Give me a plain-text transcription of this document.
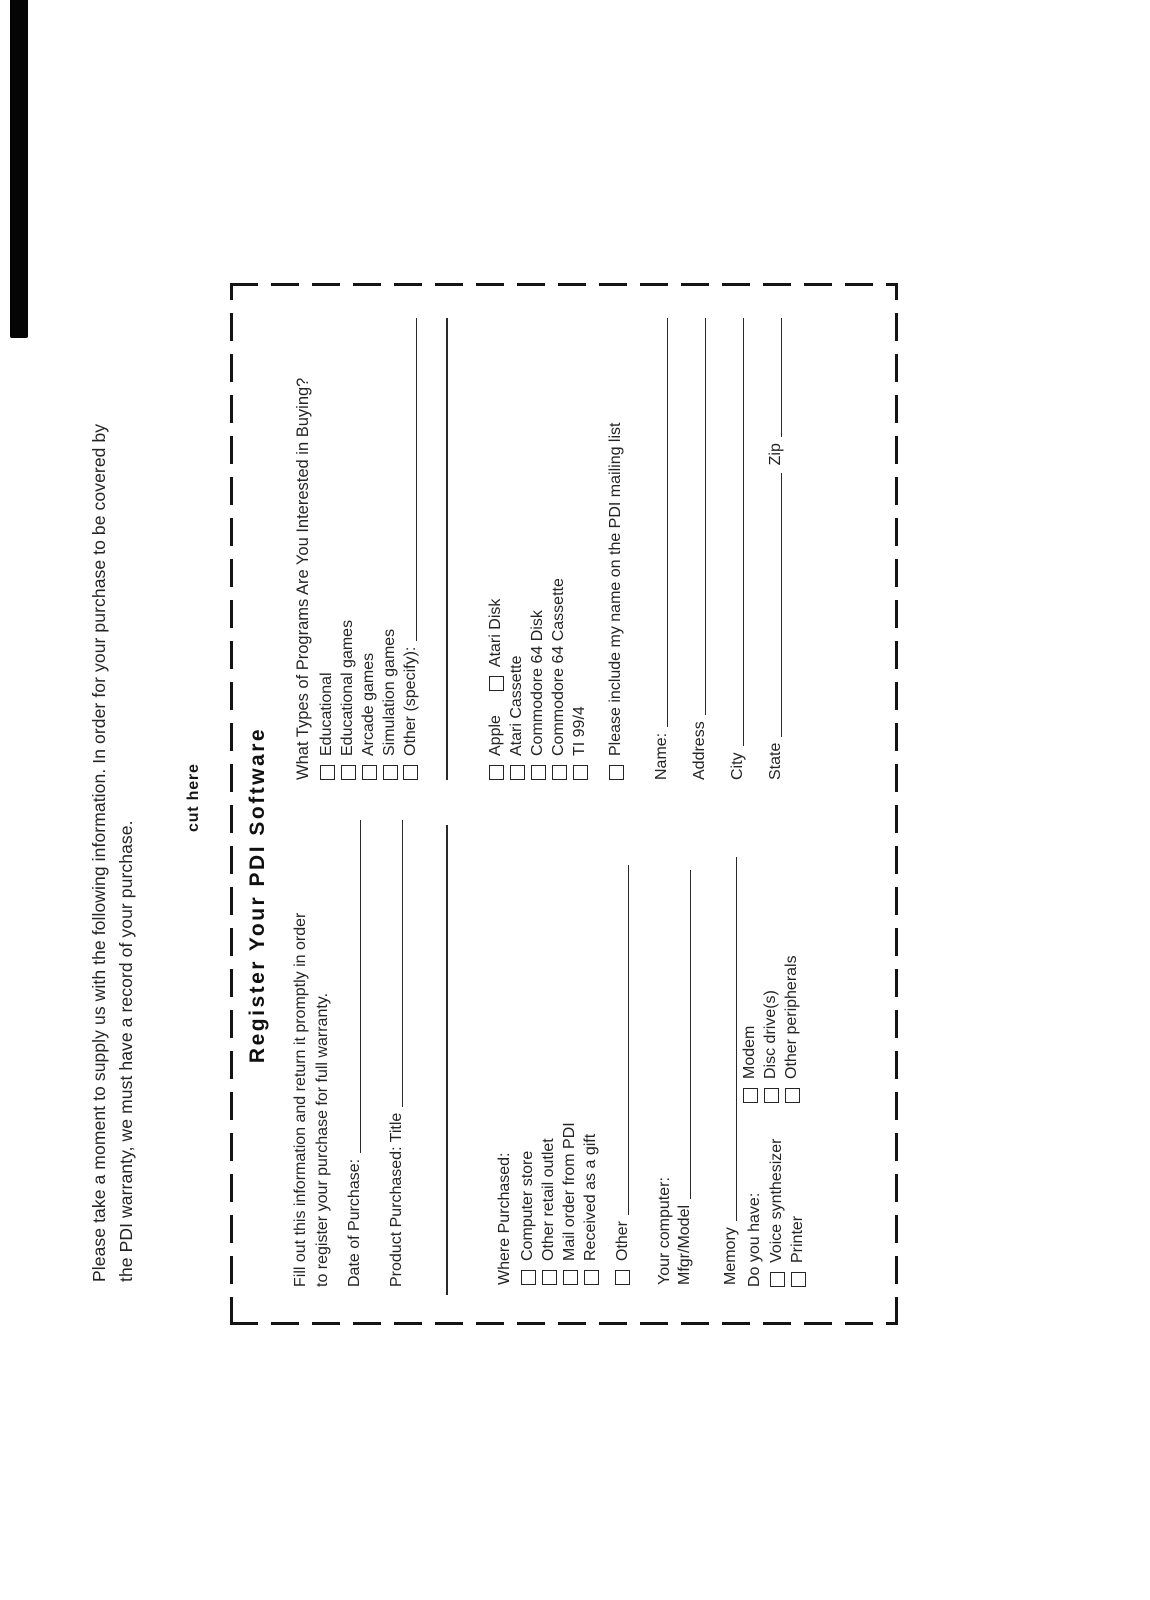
Please take a moment to supply us with the following information. In order for your purchase to be covered by the PDI warranty, we must have a record of your purchase.
cut here Register Your PDI Software
Fill out this information and return it promptly in order to register your purchase for full warranty. Date of Purchase: Product Purchased: Title	Where Purchased: Computer store Other retail outlet Mail order from PDI Received as a gift Other Your computer: Mfgr/Model Memory Do you have: Voice synthesizer Printer
Modem Disc drive(s) Other peripherals
What Types of Programs Are You Interested in Buying? Educational Educational games Arcade games Simulation games Other (specify):	Apple
Atari Disk
Atari Cassette Commodore 64 Disk Commodore 64 Cassette TI 99/4 Please include my name on the PDI mailing list
Name: Address City State
Zip
